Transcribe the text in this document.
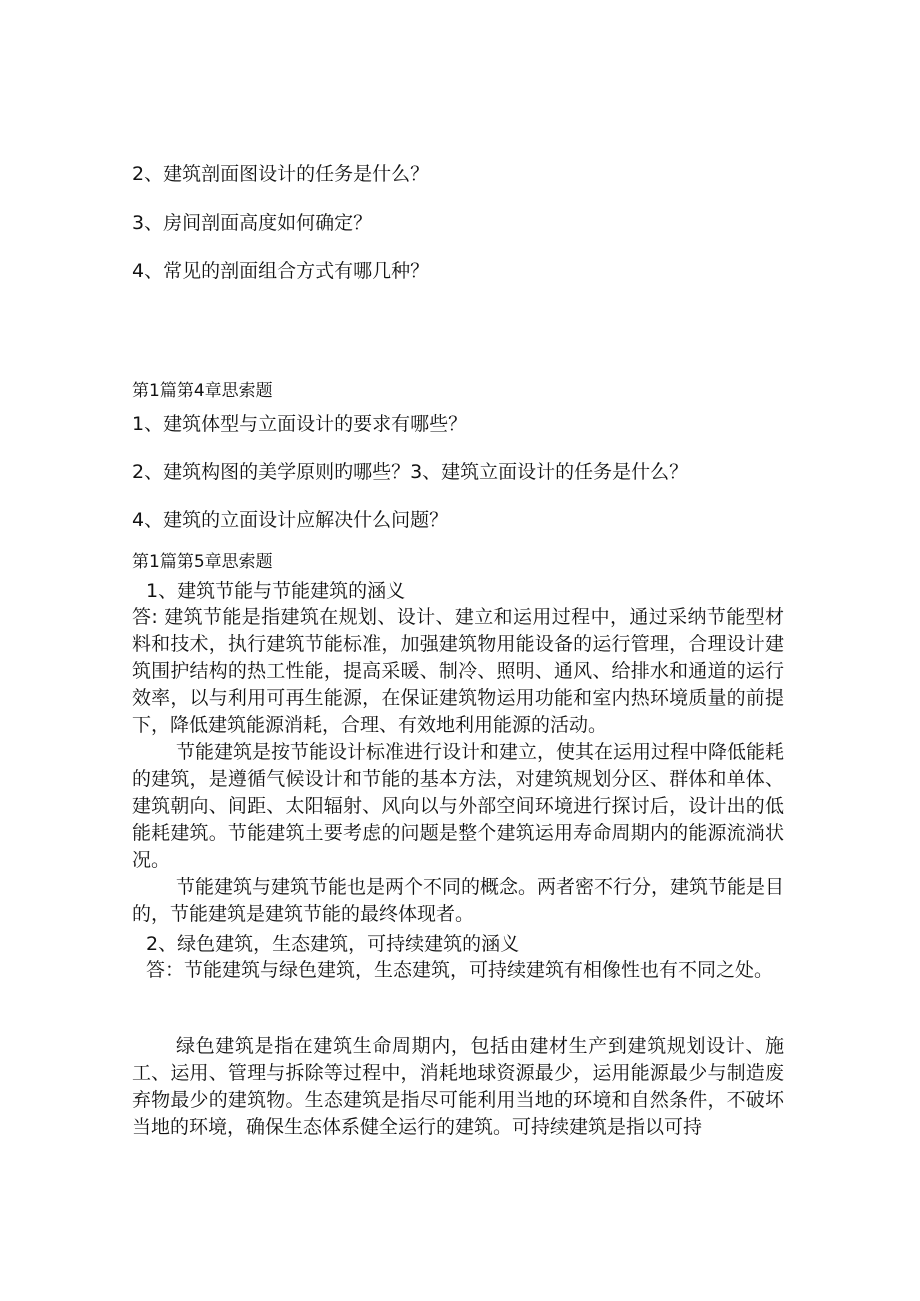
2、建筑剖面图设计的任务是什么？

3、房间剖面高度如何确定？

4、常见的剖面组合方式有哪几种？

第1篇第4章思索题

1、建筑体型与立面设计的要求有哪些？

2、建筑构图的美学原则旳哪些？3、建筑立面设计的任务是什么？

4、建筑的立面设计应解决什么问题？

第1篇第5章思索题

1、建筑节能与节能建筑的涵义

答: 建筑节能是指建筑在规划、设计、建立和运用过程中，通过采纳节能型材料和技术，执行建筑节能标准，加强建筑物用能设备的运行管理，合理设计建筑围护结构的热工性能，提高采暖、制冷、照明、通风、给排水和通道的运行效率，以与利用可再生能源，在保证建筑物运用功能和室内热环境质量的前提下，降低建筑能源消耗，合理、有效地利用能源的活动。

节能建筑是按节能设计标准进行设计和建立，使其在运用过程中降低能耗的建筑，是遵循气候设计和节能的基本方法，对建筑规划分区、群体和单体、建筑朝向、间距、太阳辐射、风向以与外部空间环境进行探讨后，设计出的低能耗建筑。节能建筑土要考虑的问题是整个建筑运用寿命周期内的能源流淌状况。

节能建筑与建筑节能也是两个不同的概念。两者密不行分，建筑节能是目的，节能建筑是建筑节能的最终体现者。

2、绿色建筑，生态建筑，可持续建筑的涵义

答：节能建筑与绿色建筑，生态建筑，可持续建筑有相像性也有不同之处。

绿色建筑是指在建筑生命周期内，包括由建材生产到建筑规划设计、施工、运用、管理与拆除等过程中，消耗地球资源最少，运用能源最少与制造废弃物最少的建筑物。生态建筑是指尽可能利用当地的环境和自然条件，不破坏当地的环境，确保生态体系健全运行的建筑。可持续建筑是指以可持
